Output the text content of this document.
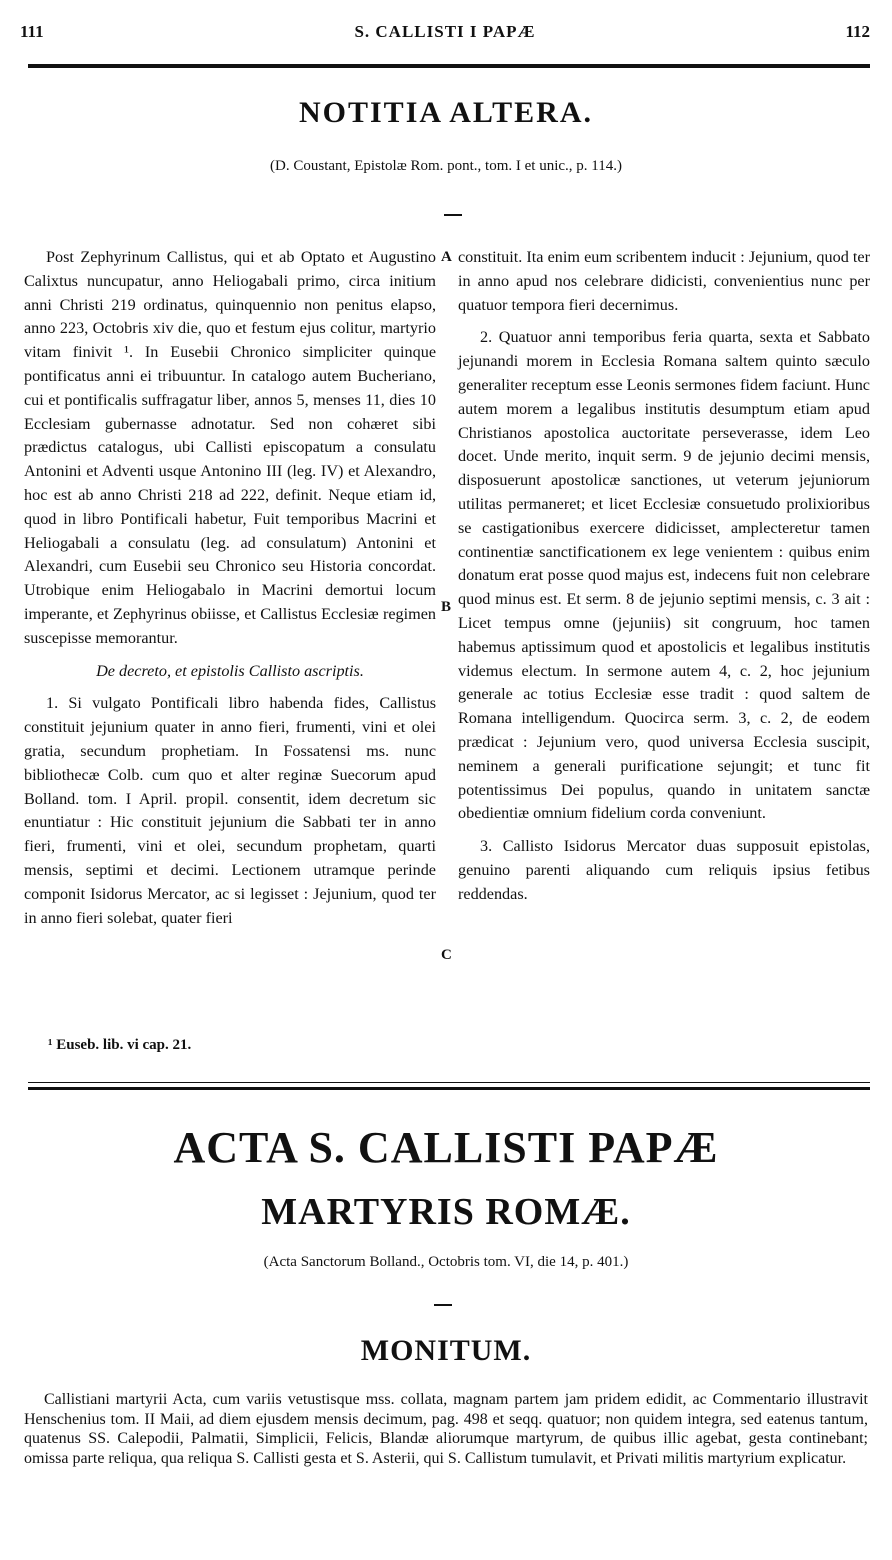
111	S. CALLISTI I PAPÆ	112
NOTITIA ALTERA.
(D. Coustant, Epistolæ Rom. pont., tom. I et unic., p. 114.)

Post Zephyrinum Callistus, qui et ab Optato et Augustino Calixtus nuncupatur, anno Heliogabali primo, circa initium anni Christi 219 ordinatus, quinquennio non penitus elapso, anno 223, Octobris xiv die, quo et festum ejus colitur, martyrio vitam finivit ¹. In Eusebii Chronico simpliciter quinque pontificatus anni ei tribuuntur. In catalogo autem Bucheriano, cui et pontificalis suffragatur liber, annos 5, menses 11, dies 10 Ecclesiam gubernasse adnotatur. Sed non cohæret sibi prædictus catalogus, ubi Callisti episcopatum a consulatu Antonini et Adventi usque Antonino III (leg. IV) et Alexandro, hoc est ab anno Christi 218 ad 222, definit. Neque etiam id, quod in libro Pontificali habetur, Fuit temporibus Macrini et Heliogabali a consulatu (leg. ad consulatum) Antonini et Alexandri, cum Eusebii seu Chronico seu Historia concordat. Utrobique enim Heliogabalo in Macrini demortui locum imperante, et Zephyrinus obiisse, et Callistus Ecclesiæ regimen suscepisse memorantur.

De decreto, et epistolis Callisto ascriptis.

1. Si vulgato Pontificali libro habenda fides, Callistus constituit jejunium quater in anno fieri, frumenti, vini et olei gratia, secundum prophetiam. In Fossatensi ms. nunc bibliothecæ Colb. cum quo et alter reginæ Suecorum apud Bolland. tom. I April. propil. consentit, idem decretum sic enuntiatur : Hic constituit jejunium die Sabbati ter in anno fieri, frumenti, vini et olei, secundum prophetam, quarti mensis, septimi et decimi. Lectionem utramque perinde componit Isidorus Mercator, ac si legisset : Jejunium, quod ter in anno fieri solebat, quater fieri

A
B
C

constituit. Ita enim eum scribentem inducit : Jejunium, quod ter in anno apud nos celebrare didicisti, convenientius nunc per quatuor tempora fieri decernimus.

2. Quatuor anni temporibus feria quarta, sexta et Sabbato jejunandi morem in Ecclesia Romana saltem quinto sæculo generaliter receptum esse Leonis sermones fidem faciunt. Hunc autem morem a legalibus institutis desumptum etiam apud Christianos apostolica auctoritate perseverasse, idem Leo docet. Unde merito, inquit serm. 9 de jejunio decimi mensis, disposuerunt apostolicæ sanctiones, ut veterum jejuniorum utilitas permaneret; et licet Ecclesiæ consuetudo prolixioribus se castigationibus exercere didicisset, amplecteretur tamen continentiæ sanctificationem ex lege venientem : quibus enim donatum erat posse quod majus est, indecens fuit non celebrare quod minus est. Et serm. 8 de jejunio septimi mensis, c. 3 ait : Licet tempus omne (jejuniis) sit congruum, hoc tamen habemus aptissimum quod et apostolicis et legalibus institutis videmus electum. In sermone autem 4, c. 2, hoc jejunium generale ac totius Ecclesiæ esse tradit : quod saltem de Romana intelligendum. Quocirca serm. 3, c. 2, de eodem prædicat : Jejunium vero, quod universa Ecclesia suscipit, neminem a generali purificatione sejungit; et tunc fit potentissimus Dei populus, quando in unitatem sanctæ obedientiæ omnium fidelium corda conveniunt.

3. Callisto Isidorus Mercator duas supposuit epistolas, genuino parenti aliquando cum reliquis ipsius fetibus reddendas.

¹ Euseb. lib. vi cap. 21.
ACTA S. CALLISTI PAPÆ
MARTYRIS ROMÆ.
(Acta Sanctorum Bolland., Octobris tom. VI, die 14, p. 401.)
MONITUM.

Callistiani martyrii Acta, cum variis vetustisque mss. collata, magnam partem jam pridem edidit, ac Commentario illustravit Henschenius tom. II Maii, ad diem ejusdem mensis decimum, pag. 498 et seqq. quatuor; non quidem integra, sed eatenus tantum, quatenus SS. Calepodii, Palmatii, Simplicii, Felicis, Blandæ aliorumque martyrum, de quibus illic agebat, gesta continebant; omissa parte reliqua, qua reliqua S. Callisti gesta et S. Asterii, qui S. Callistum tumulavit, et Privati militis martyrium explicatur.
